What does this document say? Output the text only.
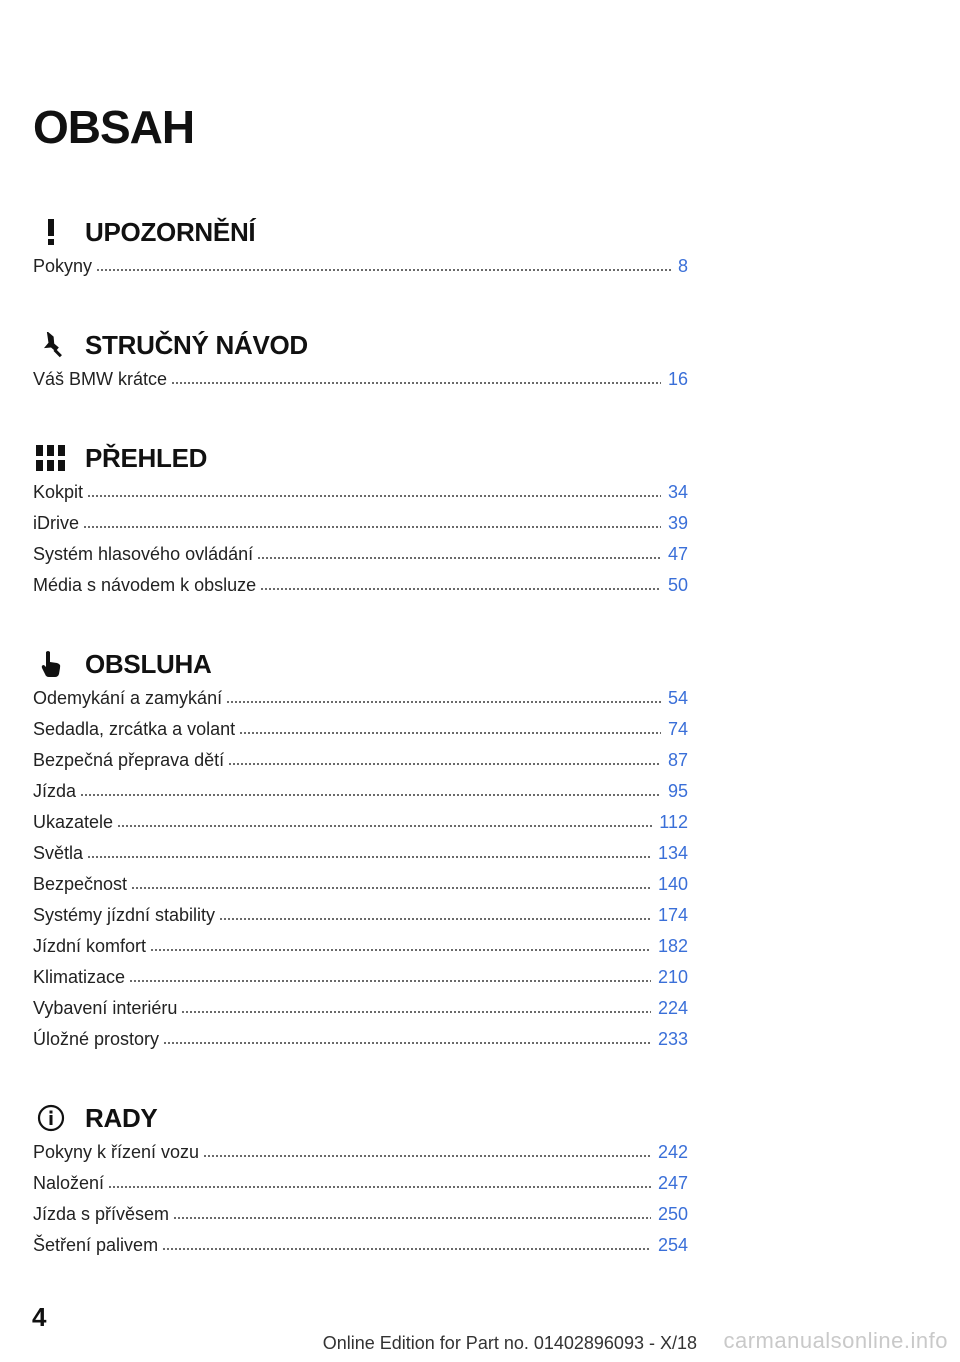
OBSAH
UPOZORNĚNÍ
Pokyny	8
STRUČNÝ NÁVOD
Váš BMW krátce	16
PŘEHLED
Kokpit	34
iDrive	39
Systém hlasového ovládání	47
Média s návodem k obsluze	50
OBSLUHA
Odemykání a zamykání	54
Sedadla, zrcátka a volant	74
Bezpečná přeprava dětí	87
Jízda	95
Ukazatele	112
Světla	134
Bezpečnost	140
Systémy jízdní stability	174
Jízdní komfort	182
Klimatizace	210
Vybavení interiéru	224
Úložné prostory	233
RADY
Pokyny k řízení vozu	242
Naložení	247
Jízda s přívěsem	250
Šetření palivem	254
4
Online Edition for Part no. 01402896093 - X/18 carmanualsonline.info
